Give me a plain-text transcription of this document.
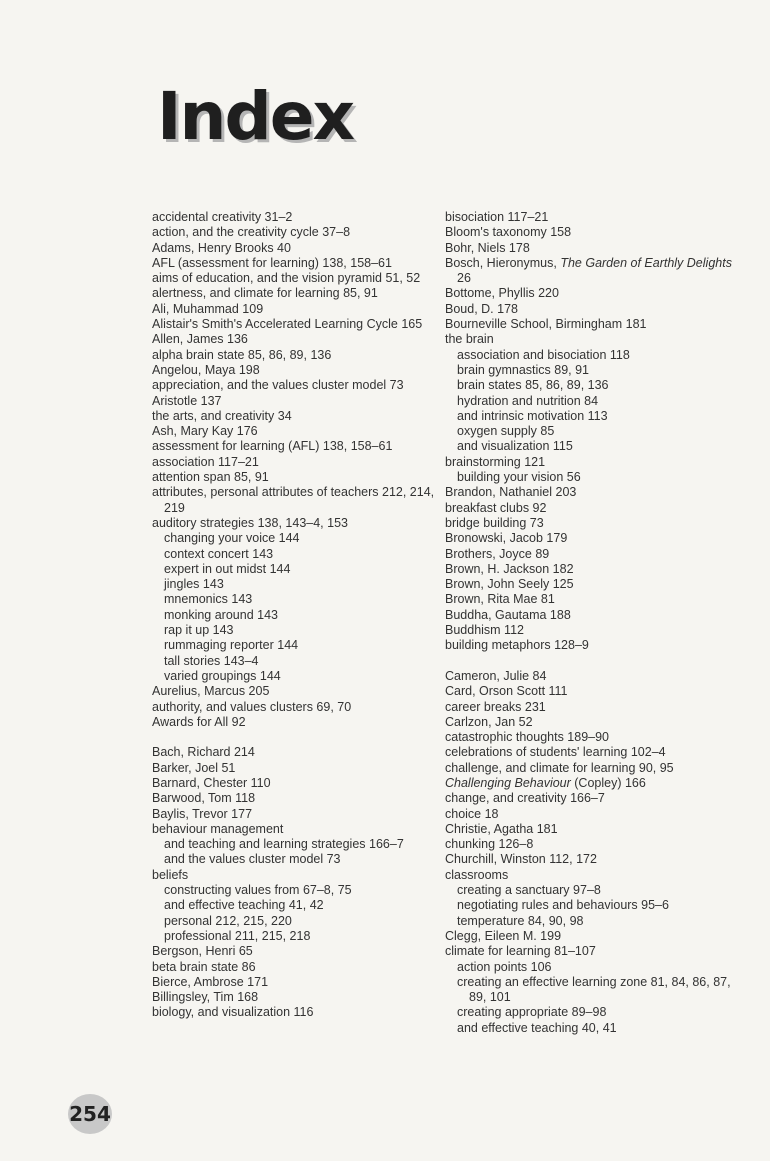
Index

accidental creativity 31–2

action, and the creativity cycle 37–8

Adams, Henry Brooks 40

AFL (assessment for learning) 138, 158–61

aims of education, and the vision pyramid 51, 52

alertness, and climate for learning 85, 91

Ali, Muhammad 109

Alistair's Smith's Accelerated Learning Cycle 165

Allen, James 136

alpha brain state 85, 86, 89, 136

Angelou, Maya 198

appreciation, and the values cluster model 73

Aristotle 137

the arts, and creativity 34

Ash, Mary Kay 176

assessment for learning (AFL) 138, 158–61

association 117–21

attention span 85, 91

attributes, personal attributes of teachers 212, 214, 219

auditory strategies 138, 143–4, 153

changing your voice 144

context concert 143

expert in out midst 144

jingles 143

mnemonics 143

monking around 143

rap it up 143

rummaging reporter 144

tall stories 143–4

varied groupings 144

Aurelius, Marcus 205

authority, and values clusters 69, 70

Awards for All 92

Bach, Richard 214

Barker, Joel 51

Barnard, Chester 110

Barwood, Tom 118

Baylis, Trevor 177

behaviour management

and teaching and learning strategies 166–7

and the values cluster model 73

beliefs

constructing values from 67–8, 75

and effective teaching 41, 42

personal 212, 215, 220

professional 211, 215, 218

Bergson, Henri 65

beta brain state 86

Bierce, Ambrose 171

Billingsley, Tim 168

biology, and visualization 116

bisociation 117–21

Bloom's taxonomy 158

Bohr, Niels 178

Bosch, Hieronymus, The Garden of Earthly Delights 26

Bottome, Phyllis 220

Boud, D. 178

Bourneville School, Birmingham 181

the brain

association and bisociation 118

brain gymnastics 89, 91

brain states 85, 86, 89, 136

hydration and nutrition 84

and intrinsic motivation 113

oxygen supply 85

and visualization 115

brainstorming 121

building your vision 56

Brandon, Nathaniel 203

breakfast clubs 92

bridge building 73

Bronowski, Jacob 179

Brothers, Joyce 89

Brown, H. Jackson 182

Brown, John Seely 125

Brown, Rita Mae 81

Buddha, Gautama 188

Buddhism 112

building metaphors 128–9

Cameron, Julie 84

Card, Orson Scott 111

career breaks 231

Carlzon, Jan 52

catastrophic thoughts 189–90

celebrations of students' learning 102–4

challenge, and climate for learning 90, 95

Challenging Behaviour (Copley) 166

change, and creativity 166–7

choice 18

Christie, Agatha 181

chunking 126–8

Churchill, Winston 112, 172

classrooms

creating a sanctuary 97–8

negotiating rules and behaviours 95–6

temperature 84, 90, 98

Clegg, Eileen M. 199

climate for learning 81–107

action points 106

creating an effective learning zone 81, 84, 86, 87, 89, 101

creating appropriate 89–98

and effective teaching 40, 41

254
